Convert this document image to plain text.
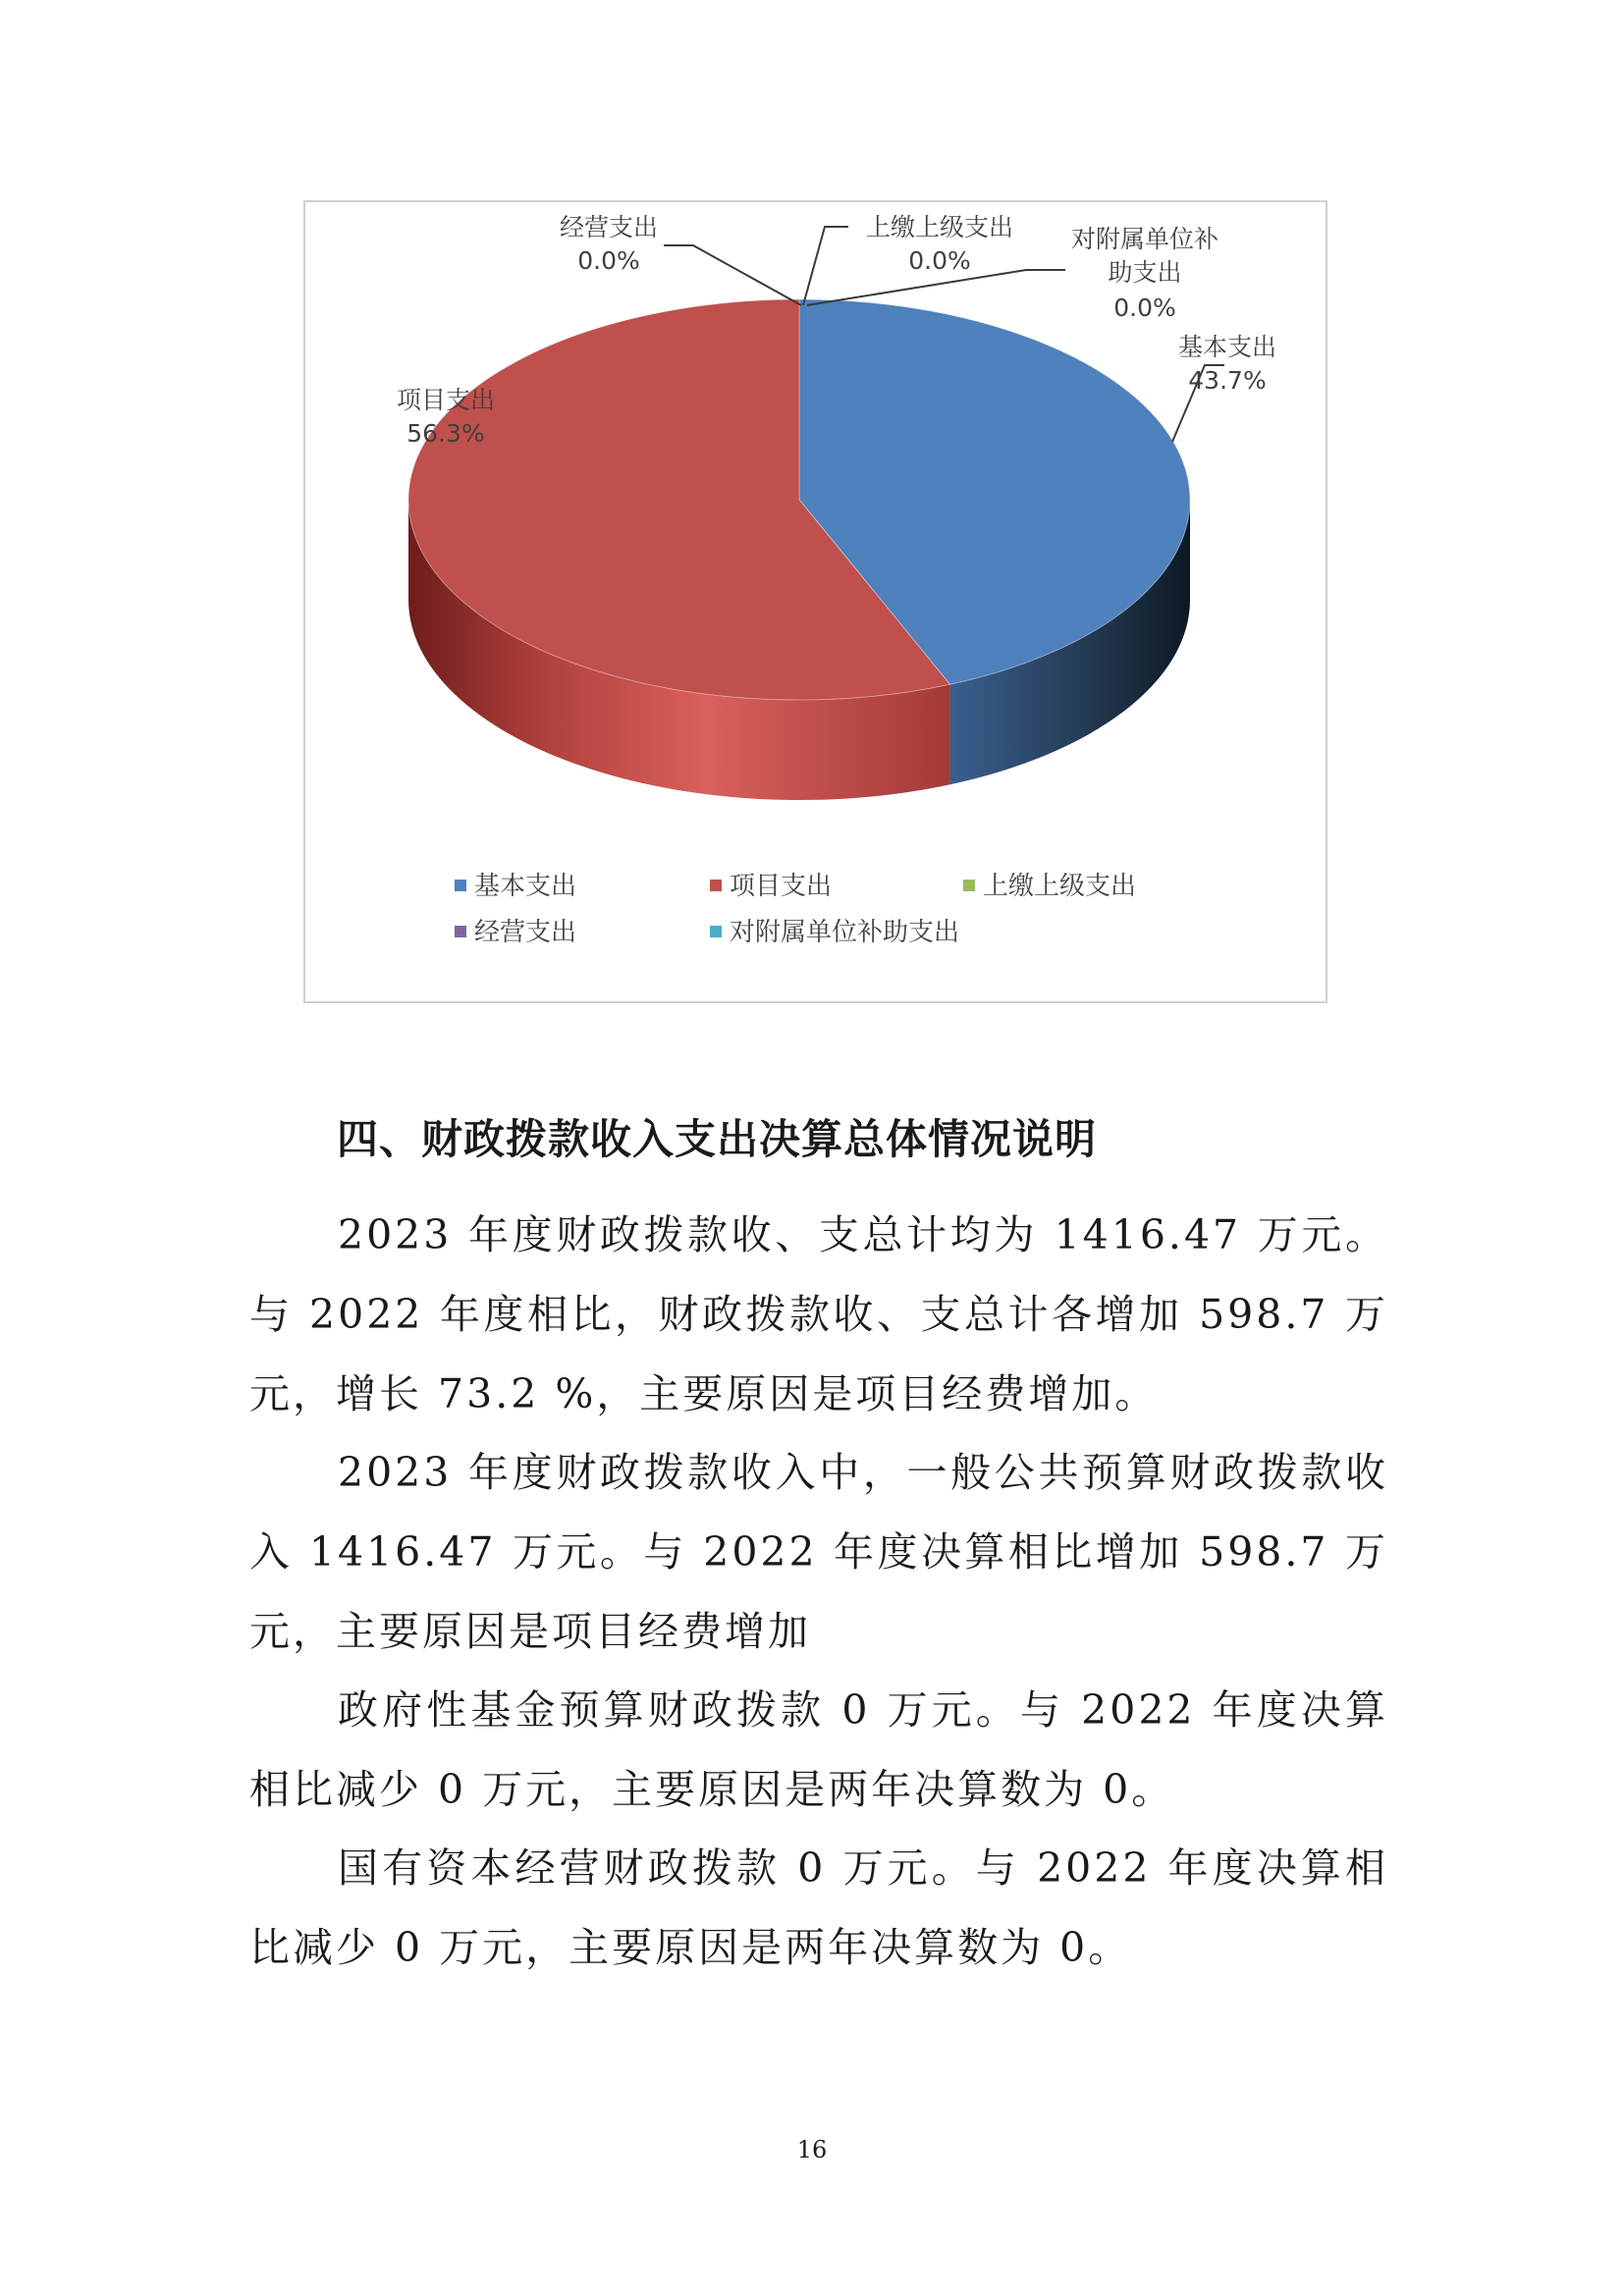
经营支出
0.0%
上缴上级支出
0.0%
对附属单位补
助支出
0.0%
基本支出
43.7%
项目支出
56.3%
基本支出	项目支出	上缴上级支出
经营支出	对附属单位补助支出
四、财政拨款收入支出决算总体情况说明

2023 年度财政拨款收、支总计均为 1416.47 万元。与 2022 年度相比，财政拨款收、支总计各增加 598.7 万元，增长 73.2 %，主要原因是项目经费增加。

2023 年度财政拨款收入中，一般公共预算财政拨款收入 1416.47 万元。与 2022 年度决算相比增加 598.7 万元，主要原因是项目经费增加

政府性基金预算财政拨款 0 万元。与 2022 年度决算相比减少 0 万元，主要原因是两年决算数为 0。

国有资本经营财政拨款 0 万元。与 2022 年度决算相比减少 0 万元，主要原因是两年决算数为 0。

16
